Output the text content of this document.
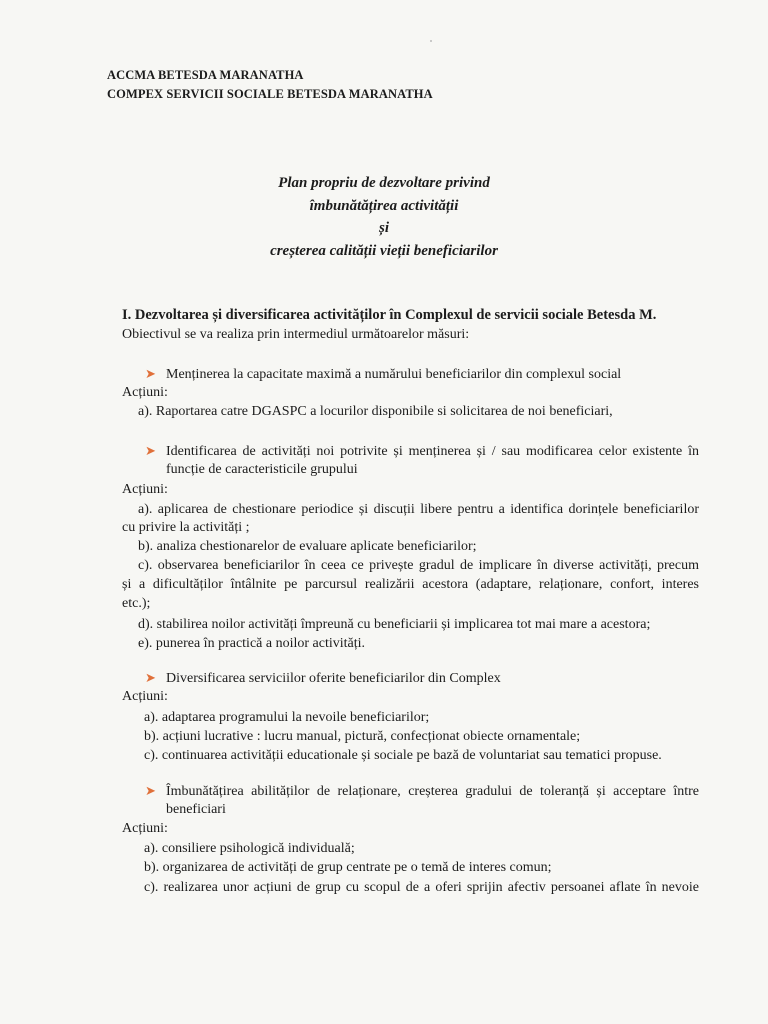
ACCMA BETESDA MARANATHA
COMPEX SERVICII SOCIALE BETESDA MARANATHA
Plan propriu de dezvoltare privind
îmbunătățirea activității
și
creșterea calității vieții beneficiarilor
I. Dezvoltarea și diversificarea activităților în Complexul de servicii sociale Betesda M.
Obiectivul se va realiza prin intermediul următoarelor măsuri:
➤ Menținerea la capacitate maximă a numărului beneficiarilor din complexul social
Acțiuni:
a). Raportarea catre DGASPC a locurilor disponibile si solicitarea de noi beneficiari,
➤ Identificarea de activități noi potrivite și menținerea și / sau modificarea celor existente în
funcție de caracteristicile grupului
Acțiuni:
a). aplicarea de chestionare periodice și discuții libere pentru a identifica dorințele beneficiarilor
cu privire la activități ;
b). analiza chestionarelor de evaluare aplicate beneficiarilor;
c). observarea beneficiarilor în ceea ce privește gradul de implicare în diverse activități, precum
și a dificultăților întâlnite pe parcursul realizării acestora (adaptare, relaționare, confort, interes
etc.);
d). stabilirea noilor activități împreună cu beneficiarii și implicarea tot mai mare a acestora;
e). punerea în practică a noilor activități.
➤ Diversificarea serviciilor oferite beneficiarilor din Complex
Acțiuni:
a). adaptarea programului la nevoile beneficiarilor;
b). acțiuni lucrative : lucru manual, pictură, confecționat obiecte ornamentale;
c). continuarea activității educationale și sociale pe bază de voluntariat sau tematici propuse.
➤ Îmbunătățirea abilităților de relaționare, creșterea gradului de toleranță și acceptare între
beneficiari
Acțiuni:
a). consiliere psihologică individuală;
b). organizarea de activități de grup centrate pe o temă de interes comun;
c). realizarea unor acțiuni de grup cu scopul de a oferi sprijin afectiv persoanei aflate în nevoie
